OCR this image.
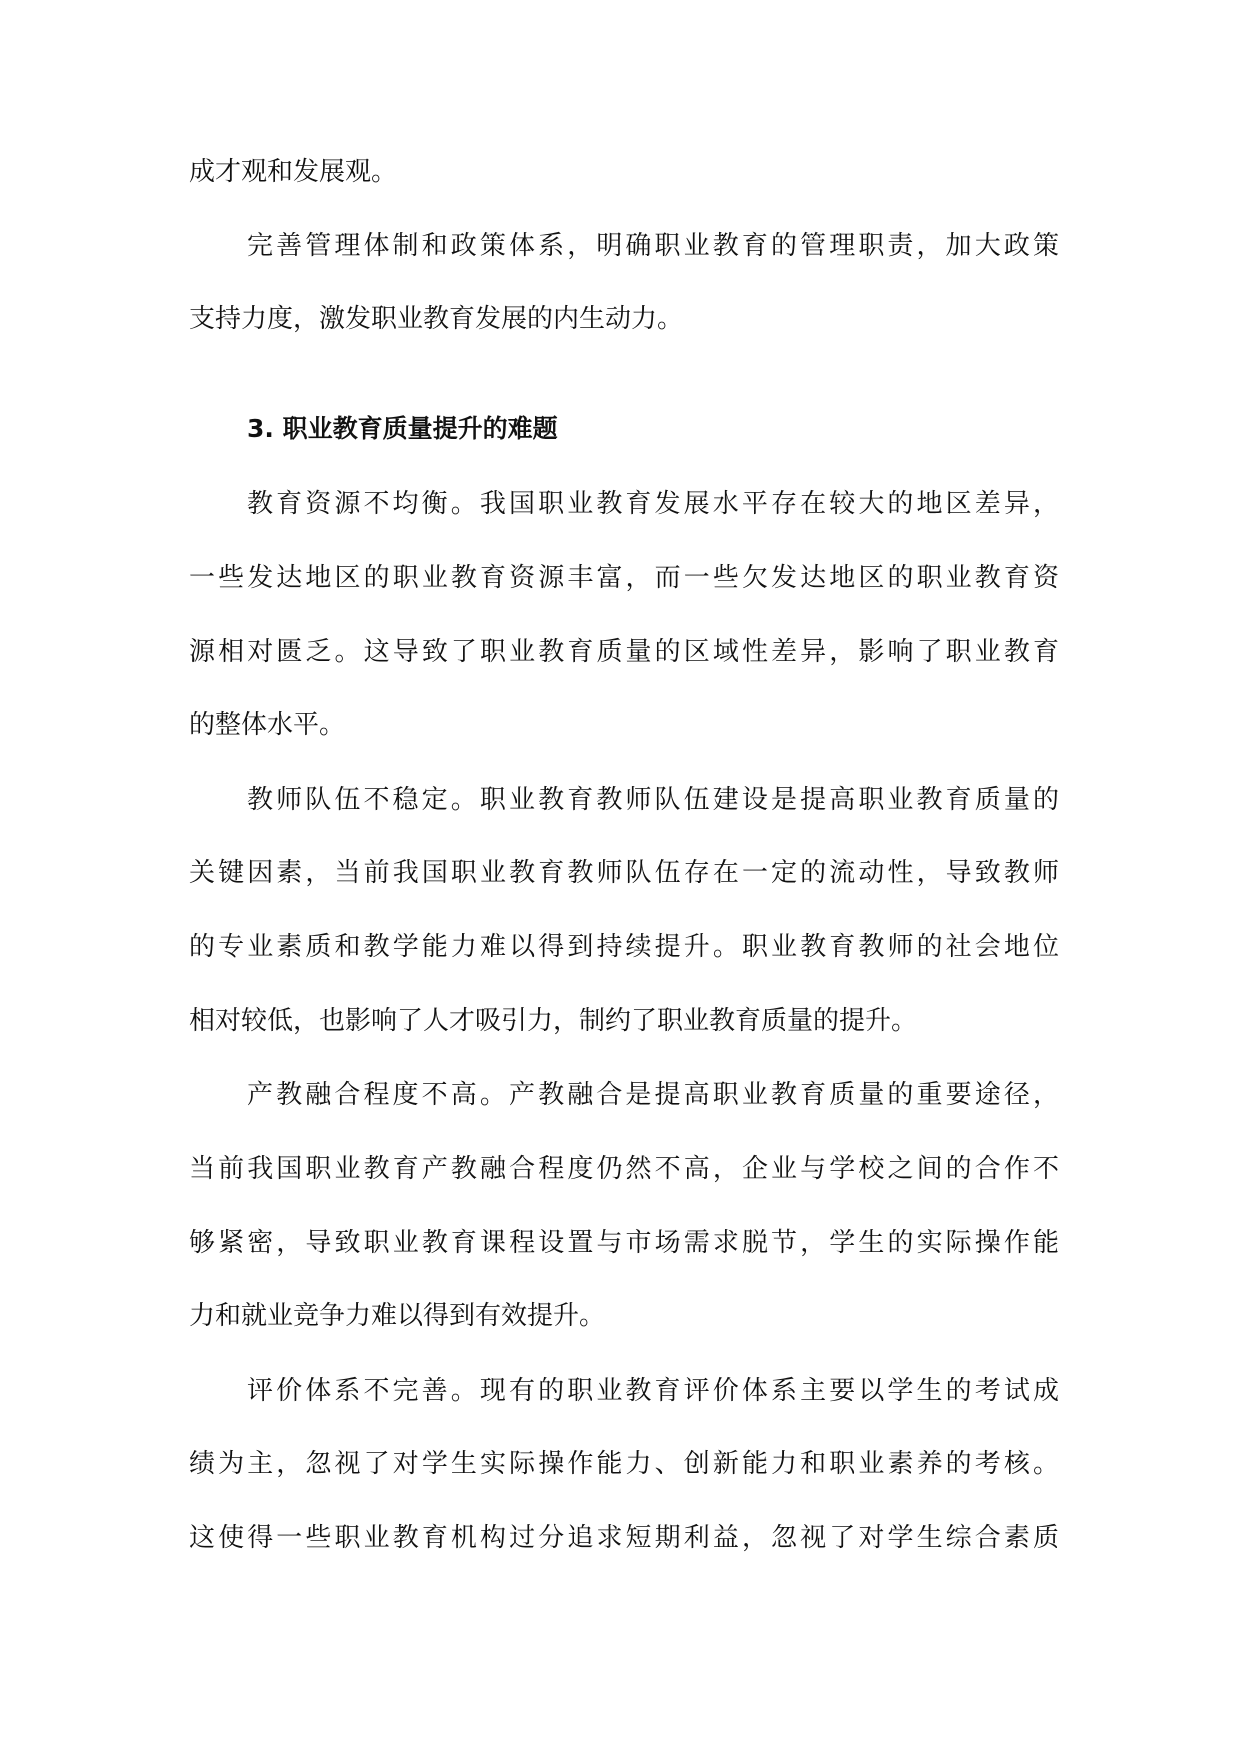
成才观和发展观。

完善管理体制和政策体系，明确职业教育的管理职责，加大政策

支持力度，激发职业教育发展的内生动力。

3. 职业教育质量提升的难题

教育资源不均衡。我国职业教育发展水平存在较大的地区差异，

一些发达地区的职业教育资源丰富，而一些欠发达地区的职业教育资

源相对匮乏。这导致了职业教育质量的区域性差异，影响了职业教育

的整体水平。

教师队伍不稳定。职业教育教师队伍建设是提高职业教育质量的

关键因素，当前我国职业教育教师队伍存在一定的流动性，导致教师

的专业素质和教学能力难以得到持续提升。职业教育教师的社会地位

相对较低，也影响了人才吸引力，制约了职业教育质量的提升。

产教融合程度不高。产教融合是提高职业教育质量的重要途径，

当前我国职业教育产教融合程度仍然不高，企业与学校之间的合作不

够紧密，导致职业教育课程设置与市场需求脱节，学生的实际操作能

力和就业竞争力难以得到有效提升。

评价体系不完善。现有的职业教育评价体系主要以学生的考试成

绩为主，忽视了对学生实际操作能力、创新能力和职业素养的考核。

这使得一些职业教育机构过分追求短期利益，忽视了对学生综合素质
